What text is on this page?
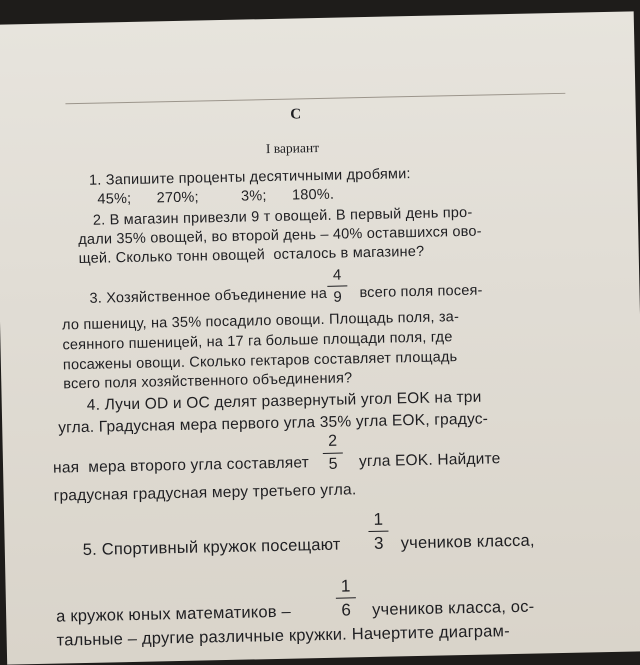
C
I вариант
1. Запишите проценты десятичными дробями:
45%;      270%;          3%;      180%.
2. В магазин привезли 9 т овощей. В первый день про-
дали 35% овощей, во второй день – 40% оставшихся ово-
щей. Сколько тонн овощей  осталось в магазине?
3. Хозяйственное объединение на
4
9	всего поля посея-
ло пшеницу, на 35% посадило овощи. Площадь поля, за-
сеянного пшеницей, на 17 га больше площади поля, где
посажены овощи. Сколько гектаров составляет площадь
всего поля хозяйственного объединения?
4. Лучи OD и OC делят развернутый угол EOK на три
угла. Градусная мера первого угла 35% угла EOK, градус-
ная  мера второго угла составляет
2
5	угла EOK. Найдите
градусная градусная меру третьего угла.
5. Спортивный кружок посещают
1
3	учеников класса,
а кружок юных математиков –
1
6	учеников класса, ос-
тальные – другие различные кружки. Начертите диаграм-
